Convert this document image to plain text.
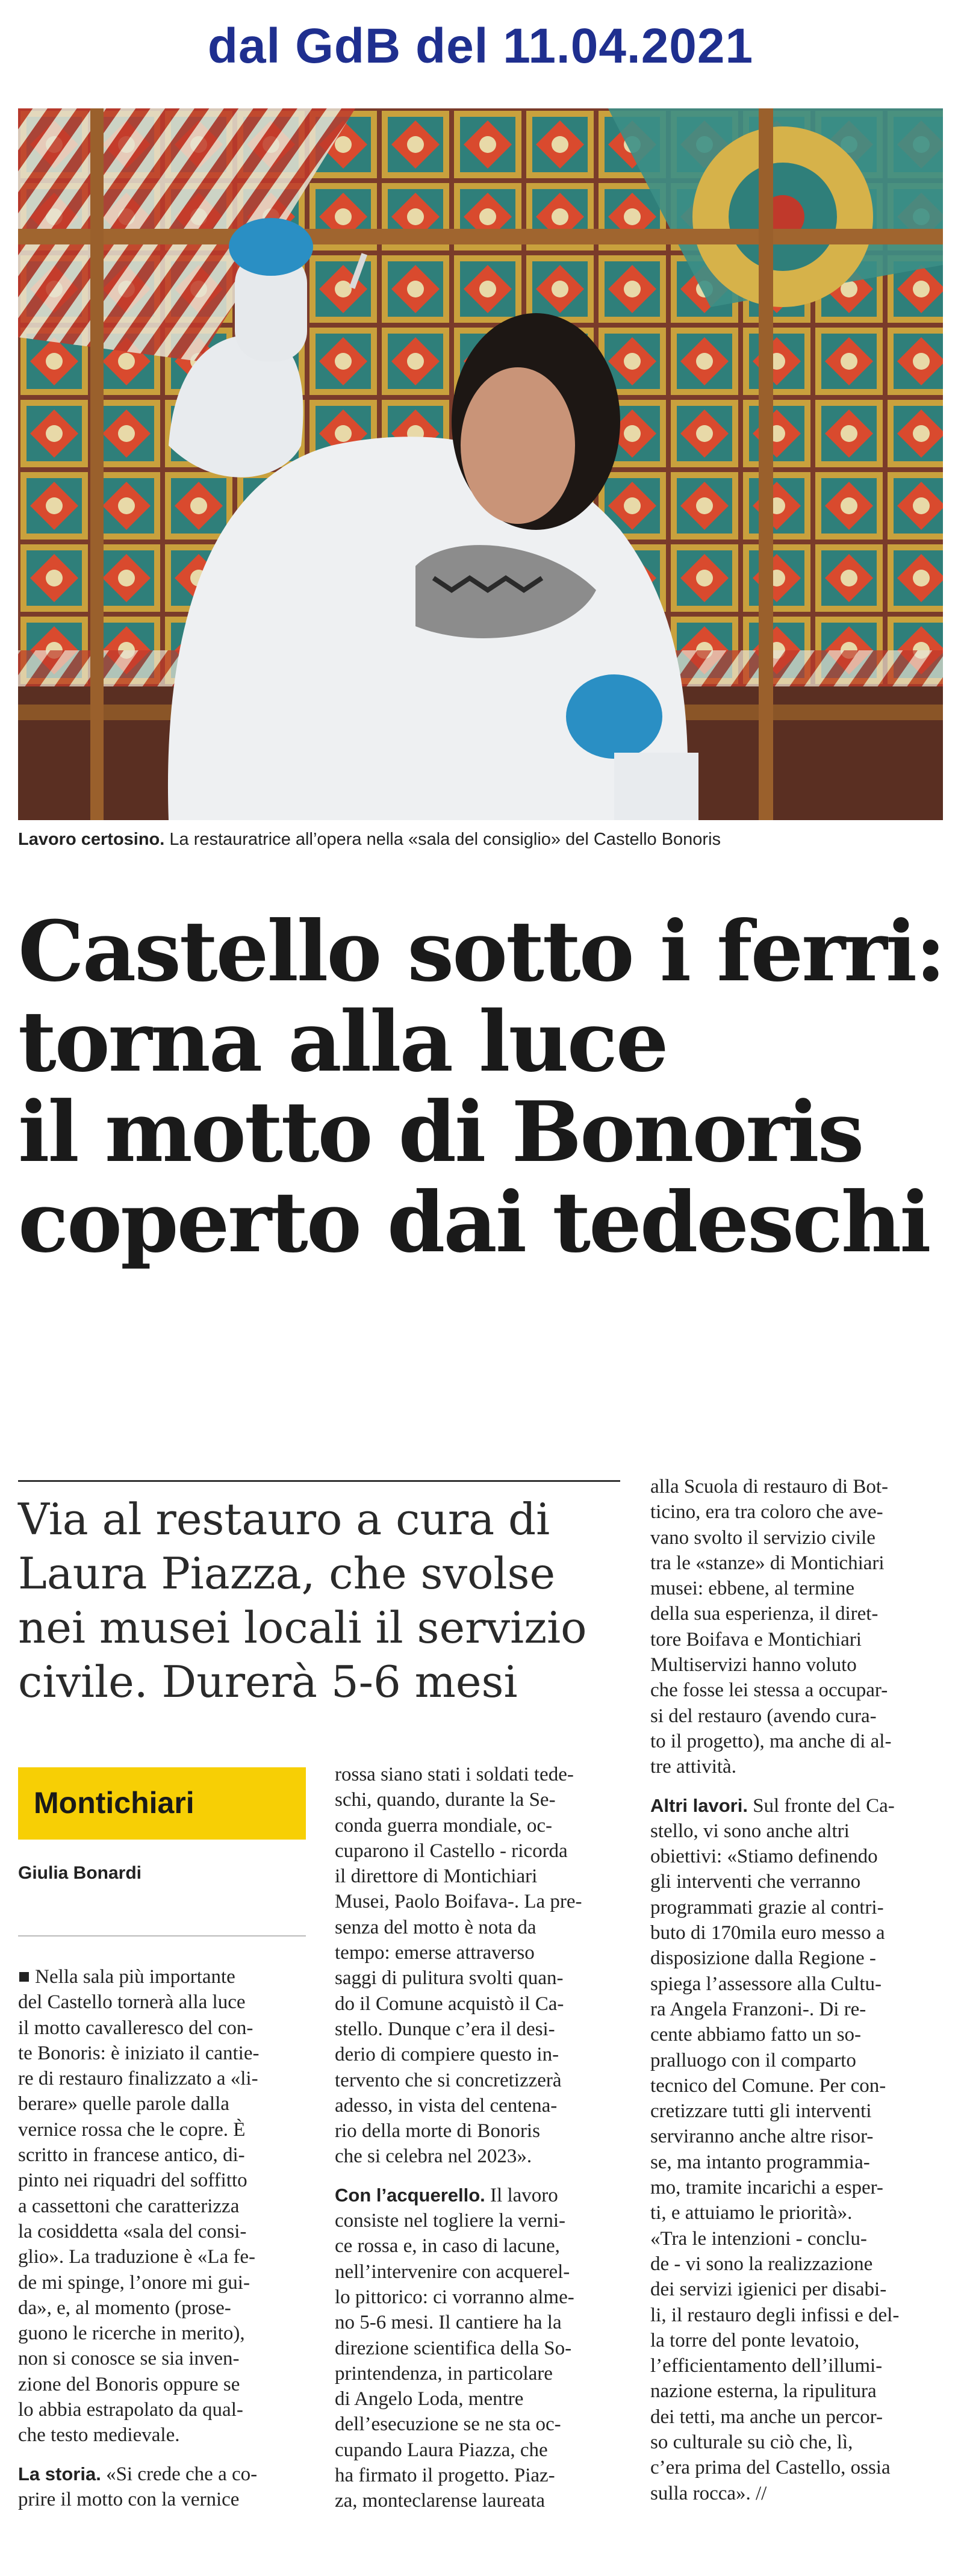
dal GdB del 11.04.2021
Lavoro certosino. La restauratrice all’opera nella «sala del consiglio» del Castello Bonoris
Castello sotto i ferri:
torna alla luce
il motto di Bonoris
coperto dai tedeschi
Via al restauro a cura di
Laura Piazza, che svolse
nei musei locali il servizio
civile. Durerà 5-6 mesi
Montichiari
Giulia Bonardi
■ Nella sala più importante
del Castello tornerà alla luce
il motto cavalleresco del con-
te Bonoris: è iniziato il cantie-
re di restauro finalizzato a «li-
berare» quelle parole dalla
vernice rossa che le copre. È
scritto in francese antico, di-
pinto nei riquadri del soffitto
a cassettoni che caratterizza
la cosiddetta «sala del consi-
glio». La traduzione è «La fe-
de mi spinge, l’onore mi gui-
da», e, al momento (prose-
guono le ricerche in merito),
non si conosce se sia inven-
zione del Bonoris oppure se
lo abbia estrapolato da qual-
che testo medievale.
La storia. «Si crede che a co-
prire il motto con la vernice
rossa siano stati i soldati tede-
schi, quando, durante la Se-
conda guerra mondiale, oc-
cuparono il Castello - ricorda
il direttore di Montichiari
Musei, Paolo Boifava-. La pre-
senza del motto è nota da
tempo: emerse attraverso
saggi di pulitura svolti quan-
do il Comune acquistò il Ca-
stello. Dunque c’era il desi-
derio di compiere questo in-
tervento che si concretizzerà
adesso, in vista del centena-
rio della morte di Bonoris
che si celebra nel 2023».
Con l’acquerello. Il lavoro
consiste nel togliere la verni-
ce rossa e, in caso di lacune,
nell’intervenire con acquerel-
lo pittorico: ci vorranno alme-
no 5-6 mesi. Il cantiere ha la
direzione scientifica della So-
printendenza, in particolare
di Angelo Loda, mentre
dell’esecuzione se ne sta oc-
cupando Laura Piazza, che
ha firmato il progetto. Piaz-
za, monteclarense laureata
alla Scuola di restauro di Bot-
ticino, era tra coloro che ave-
vano svolto il servizio civile
tra le «stanze» di Montichiari
musei: ebbene, al termine
della sua esperienza, il diret-
tore Boifava e Montichiari
Multiservizi hanno voluto
che fosse lei stessa a occupar-
si del restauro (avendo cura-
to il progetto), ma anche di al-
tre attività.
Altri lavori. Sul fronte del Ca-
stello, vi sono anche altri
obiettivi: «Stiamo definendo
gli interventi che verranno
programmati grazie al contri-
buto di 170mila euro messo a
disposizione dalla Regione -
spiega l’assessore alla Cultu-
ra Angela Franzoni-. Di re-
cente abbiamo fatto un so-
pralluogo con il comparto
tecnico del Comune. Per con-
cretizzare tutti gli interventi
serviranno anche altre risor-
se, ma intanto programmia-
mo, tramite incarichi a esper-
ti, e attuiamo le priorità».
«Tra le intenzioni - conclu-
de - vi sono la realizzazione
dei servizi igienici per disabi-
li, il restauro degli infissi e del-
la torre del ponte levatoio,
l’efficientamento dell’illumi-
nazione esterna, la ripulitura
dei tetti, ma anche un percor-
so culturale su ciò che, lì,
c’era prima del Castello, ossia
sulla rocca». //
